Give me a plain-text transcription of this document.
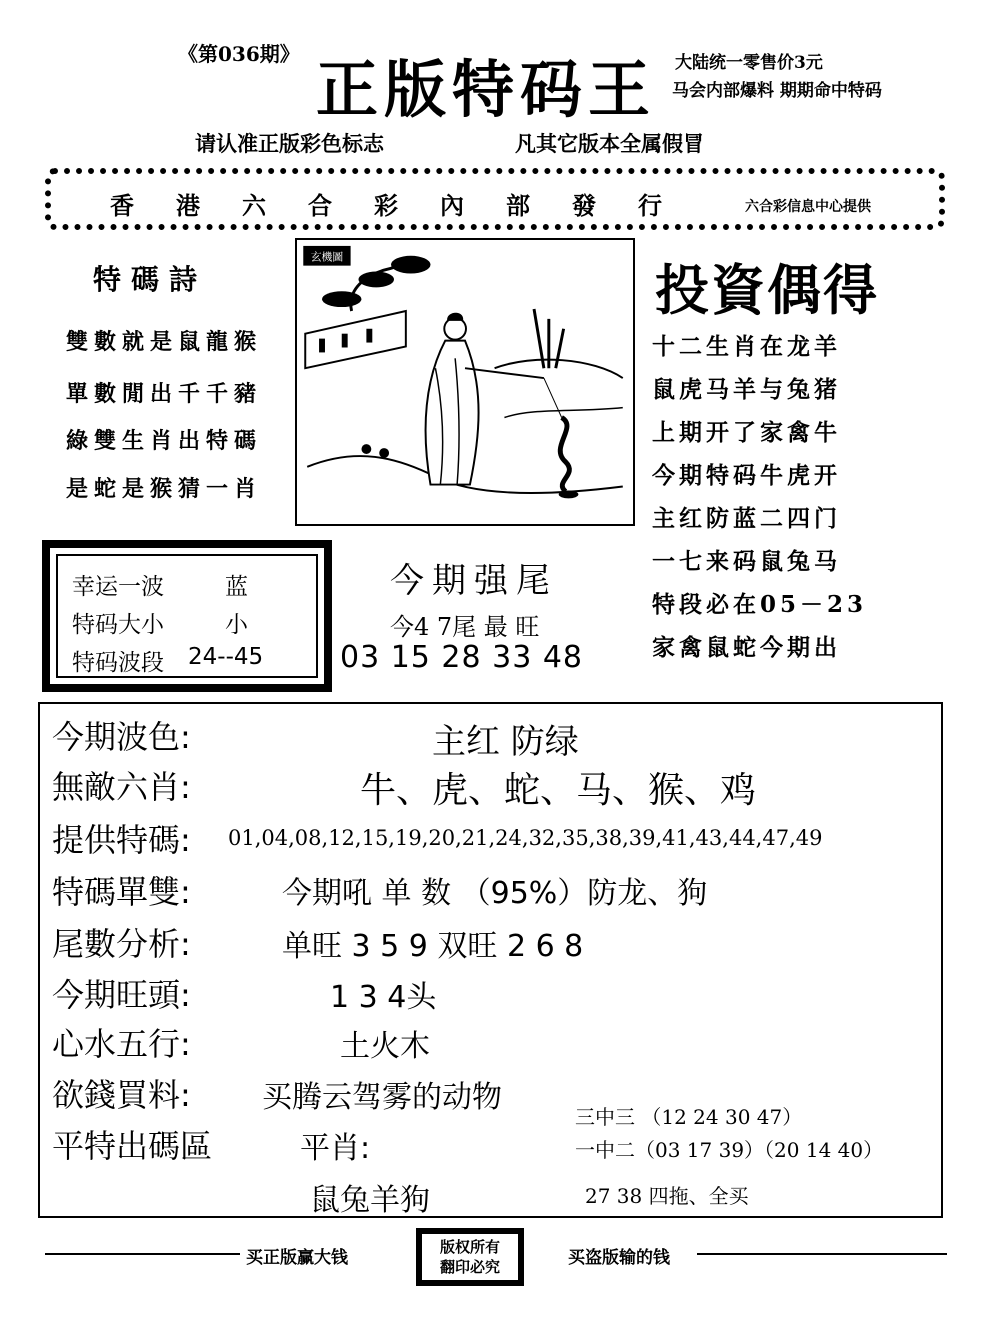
《第036期》 正版特码王 大陆统一零售价3元
马会内部爆料 期期命中特码
请认准正版彩色标志	凡其它版本全属假冒
香港六合彩內部發行	六合彩信息中心提供
特碼詩
雙數就是鼠龍猴
單數閒出千千豬
綠雙生肖出特碼
是蛇是猴猜一肖
玄機圖
投資偶得
十二生肖在龙羊
鼠虎马羊与兔猪
上期开了家禽牛
今期特码牛虎开
主红防蓝二四门
一七来码鼠兔马
特段必在05－23
家禽鼠蛇今期出
幸运一波	蓝
特码大小	小
特码波段 24--45
今期强尾
今4 7尾 最 旺
03 15 28 33 48
今期波色:	主红 防绿
無敵六肖:	牛、虎、蛇、马、猴、鸡
提供特碼: 01,04,08,12,15,19,20,21,24,32,35,38,39,41,43,44,47,49
特碼單雙:	今期吼 单 数 （95%）防龙、狗
尾數分析:	单旺 3 5 9 双旺 2 6 8
今期旺頭:	1 3 4头
心水五行:	土火木
欲錢買料: 买腾云驾雾的动物
平特出碼區	平肖:
鼠兔羊狗
三中三 （12 24 30 47）
一中二（03 17 39）（20 14 40）
27 38 四拖、全买
买正版赢大钱
版权所有
翻印必究	买盗版输的钱
